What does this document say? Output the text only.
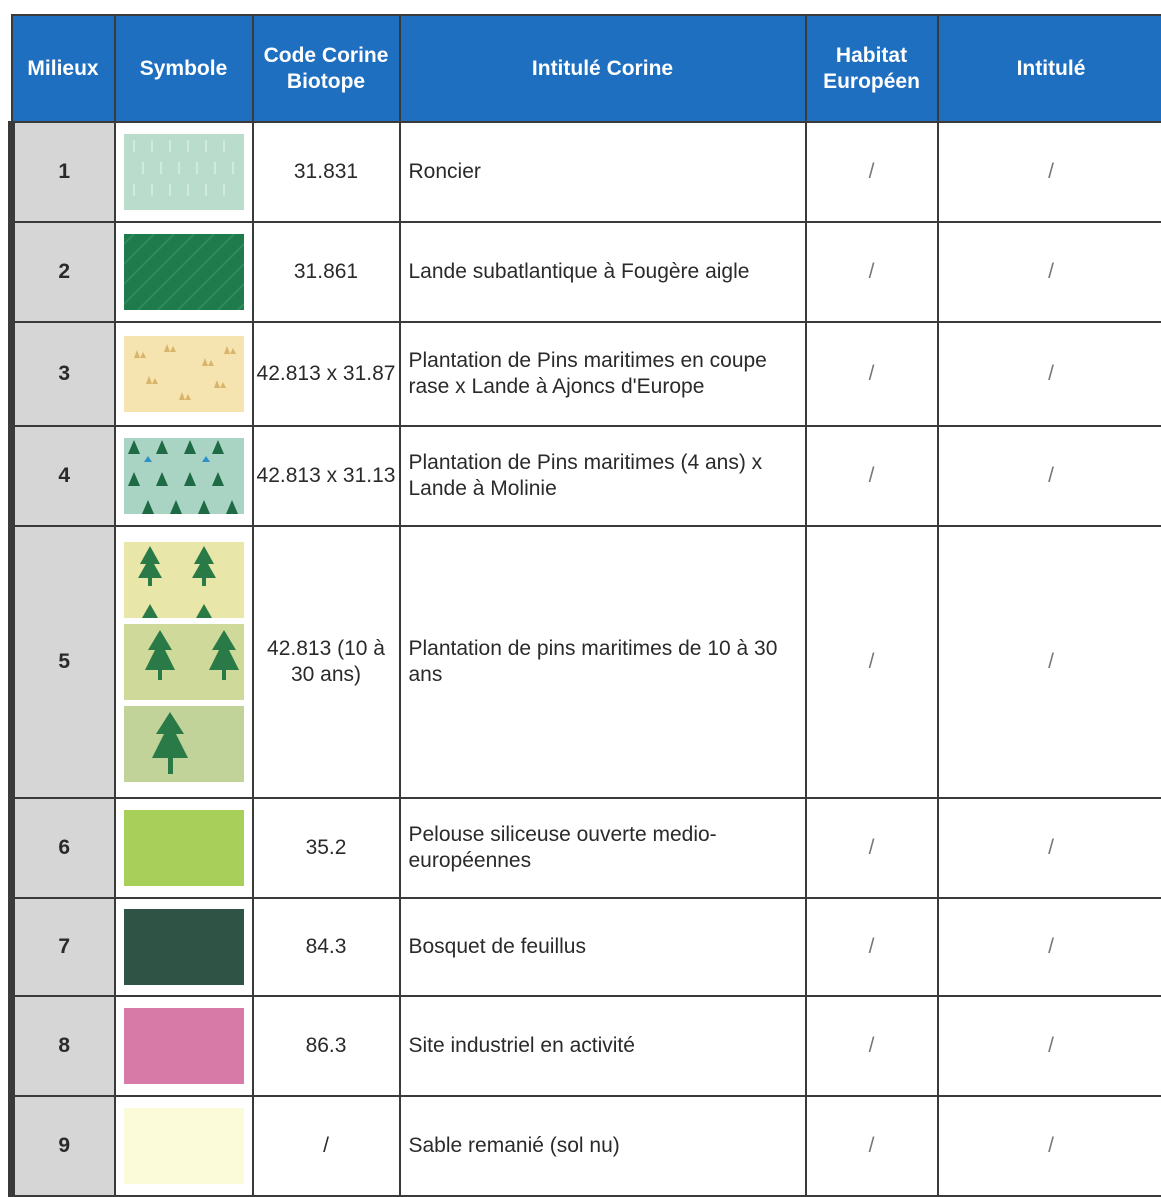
Milieux	Symbole	Code Corine Biotope	Intitulé Corine	Habitat Européen	Intitulé
1		31.831	Roncier	/	/
2		31.861	Lande subatlantique à Fougère aigle	/	/
3		42.813 x 31.87	Plantation de Pins maritimes en coupe rase x Lande à Ajoncs d'Europe	/	/
4		42.813 x 31.13	Plantation de Pins maritimes (4 ans) x Lande à Molinie	/	/
5		42.813 (10 à 30 ans)	Plantation de pins maritimes de 10 à 30 ans	/	/
6		35.2	Pelouse siliceuse ouverte medio-européennes	/	/
7		84.3	Bosquet de feuillus	/	/
8		86.3	Site industriel en activité	/	/
9		/	Sable remanié (sol nu)	/	/
